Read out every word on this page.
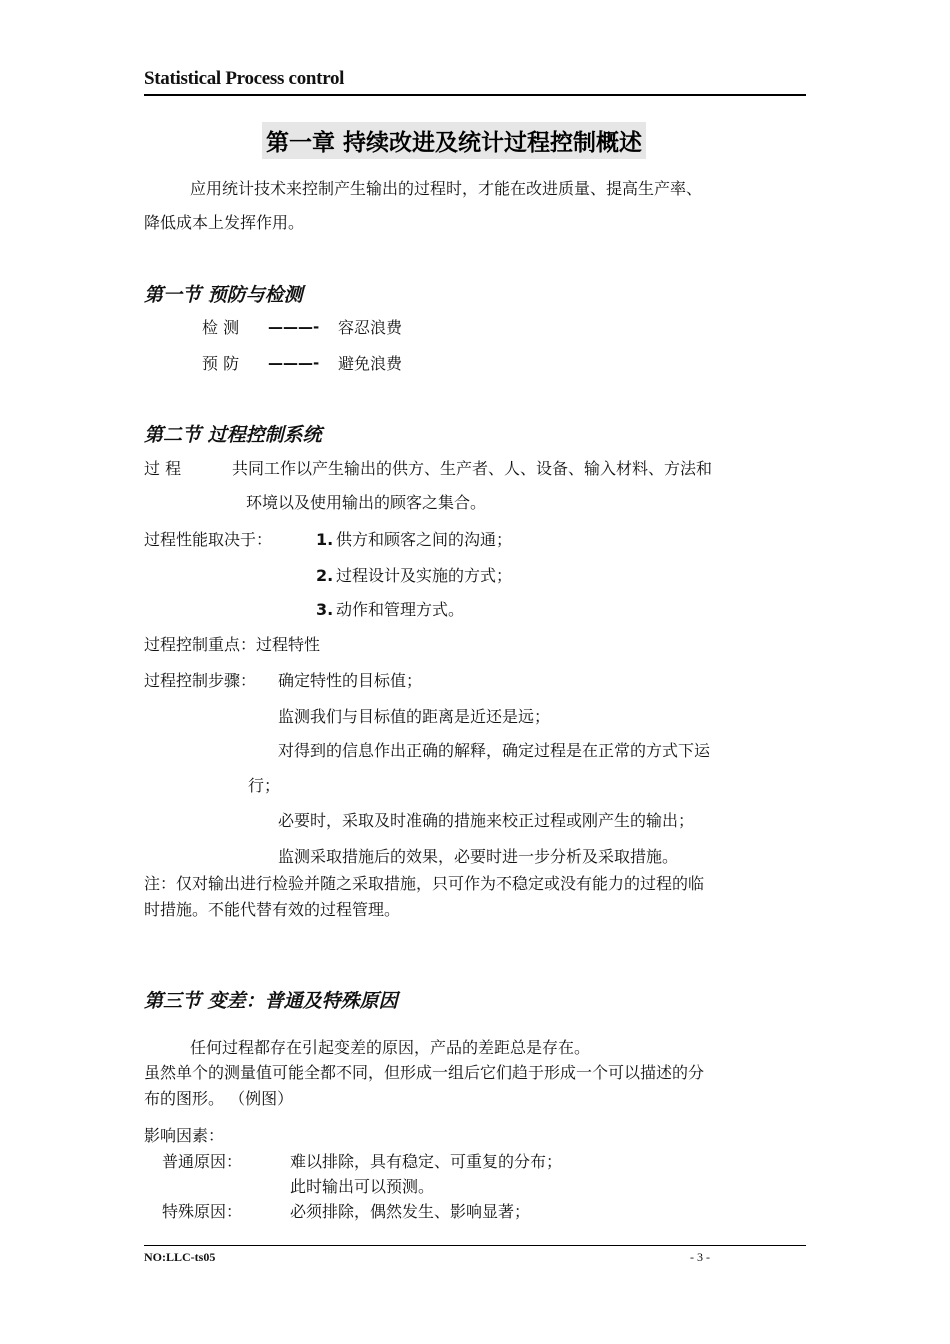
Statistical Process control
第一章 持续改进及统计过程控制概述
应用统计技术来控制产生输出的过程时，才能在改进质量、提高生产率、
降低成本上发挥作用。
第一节 预防与检测
检 测 ———- 容忍浪费
预 防 ———- 避免浪费
第二节 过程控制系统
过 程	共同工作以产生输出的供方、生产者、人、设备、输入材料、方法和
环境以及使用输出的顾客之集合。
过程性能取决于：	1. 供方和顾客之间的沟通；
2. 过程设计及实施的方式；
3. 动作和管理方式。
过程控制重点：过程特性
过程控制步骤： 确定特性的目标值；
监测我们与目标值的距离是近还是远；
对得到的信息作出正确的解释，确定过程是在正常的方式下运
行；
必要时，采取及时准确的措施来校正过程或刚产生的输出；
监测采取措施后的效果，必要时进一步分析及采取措施。
注：仅对输出进行检验并随之采取措施，只可作为不稳定或没有能力的过程的临
时措施。不能代替有效的过程管理。
第三节 变差：普通及特殊原因
任何过程都存在引起变差的原因，产品的差距总是存在。
虽然单个的测量值可能全都不同，但形成一组后它们趋于形成一个可以描述的分
布的图形。 （例图）
影响因素：
普通原因：	难以排除，具有稳定、可重复的分布；
此时输出可以预测。
特殊原因：	必须排除，偶然发生、影响显著；
NO:LLC-ts05	- 3 -
